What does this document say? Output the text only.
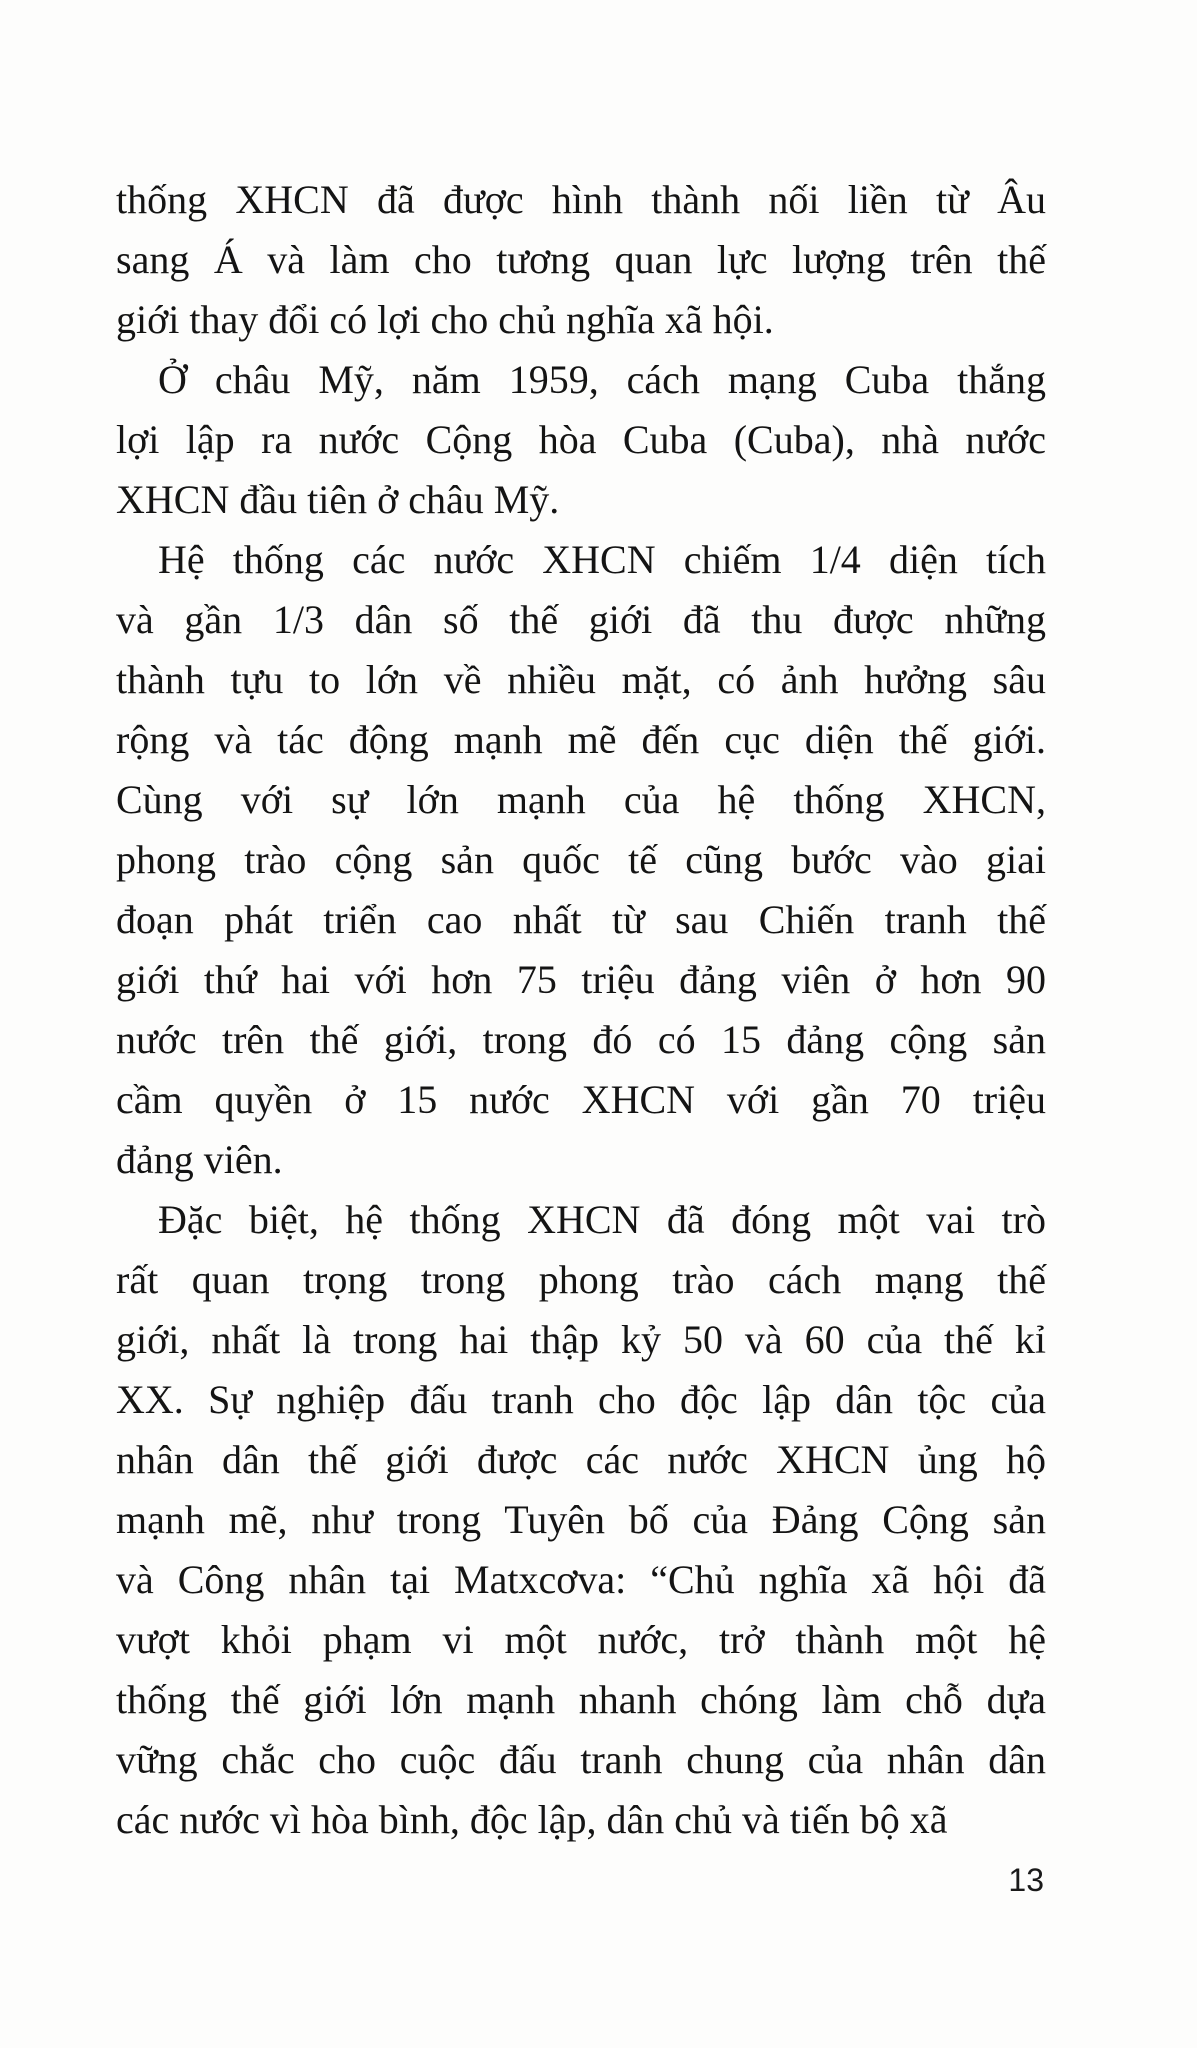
thống XHCN đã được hình thành nối liền từ Âu
sang Á và làm cho tương quan lực lượng trên thế
giới thay đổi có lợi cho chủ nghĩa xã hội.

Ở châu Mỹ, năm 1959, cách mạng Cuba thắng
lợi lập ra nước Cộng hòa Cuba (Cuba), nhà nước
XHCN đầu tiên ở châu Mỹ.

Hệ thống các nước XHCN chiếm 1/4 diện tích
và gần 1/3 dân số thế giới đã thu được những
thành tựu to lớn về nhiều mặt, có ảnh hưởng sâu
rộng và tác động mạnh mẽ đến cục diện thế giới.
Cùng với sự lớn mạnh của hệ thống XHCN,
phong trào cộng sản quốc tế cũng bước vào giai
đoạn phát triển cao nhất từ sau Chiến tranh thế
giới thứ hai với hơn 75 triệu đảng viên ở hơn 90
nước trên thế giới, trong đó có 15 đảng cộng sản
cầm quyền ở 15 nước XHCN với gần 70 triệu
đảng viên.

Đặc biệt, hệ thống XHCN đã đóng một vai trò
rất quan trọng trong phong trào cách mạng thế
giới, nhất là trong hai thập kỷ 50 và 60 của thế kỉ
XX. Sự nghiệp đấu tranh cho độc lập dân tộc của
nhân dân thế giới được các nước XHCN ủng hộ
mạnh mẽ, như trong Tuyên bố của Đảng Cộng sản
và Công nhân tại Matxcơva: “Chủ nghĩa xã hội đã
vượt khỏi phạm vi một nước, trở thành một hệ
thống thế giới lớn mạnh nhanh chóng làm chỗ dựa
vững chắc cho cuộc đấu tranh chung của nhân dân
các nước vì hòa bình, độc lập, dân chủ và tiến bộ xã

13
